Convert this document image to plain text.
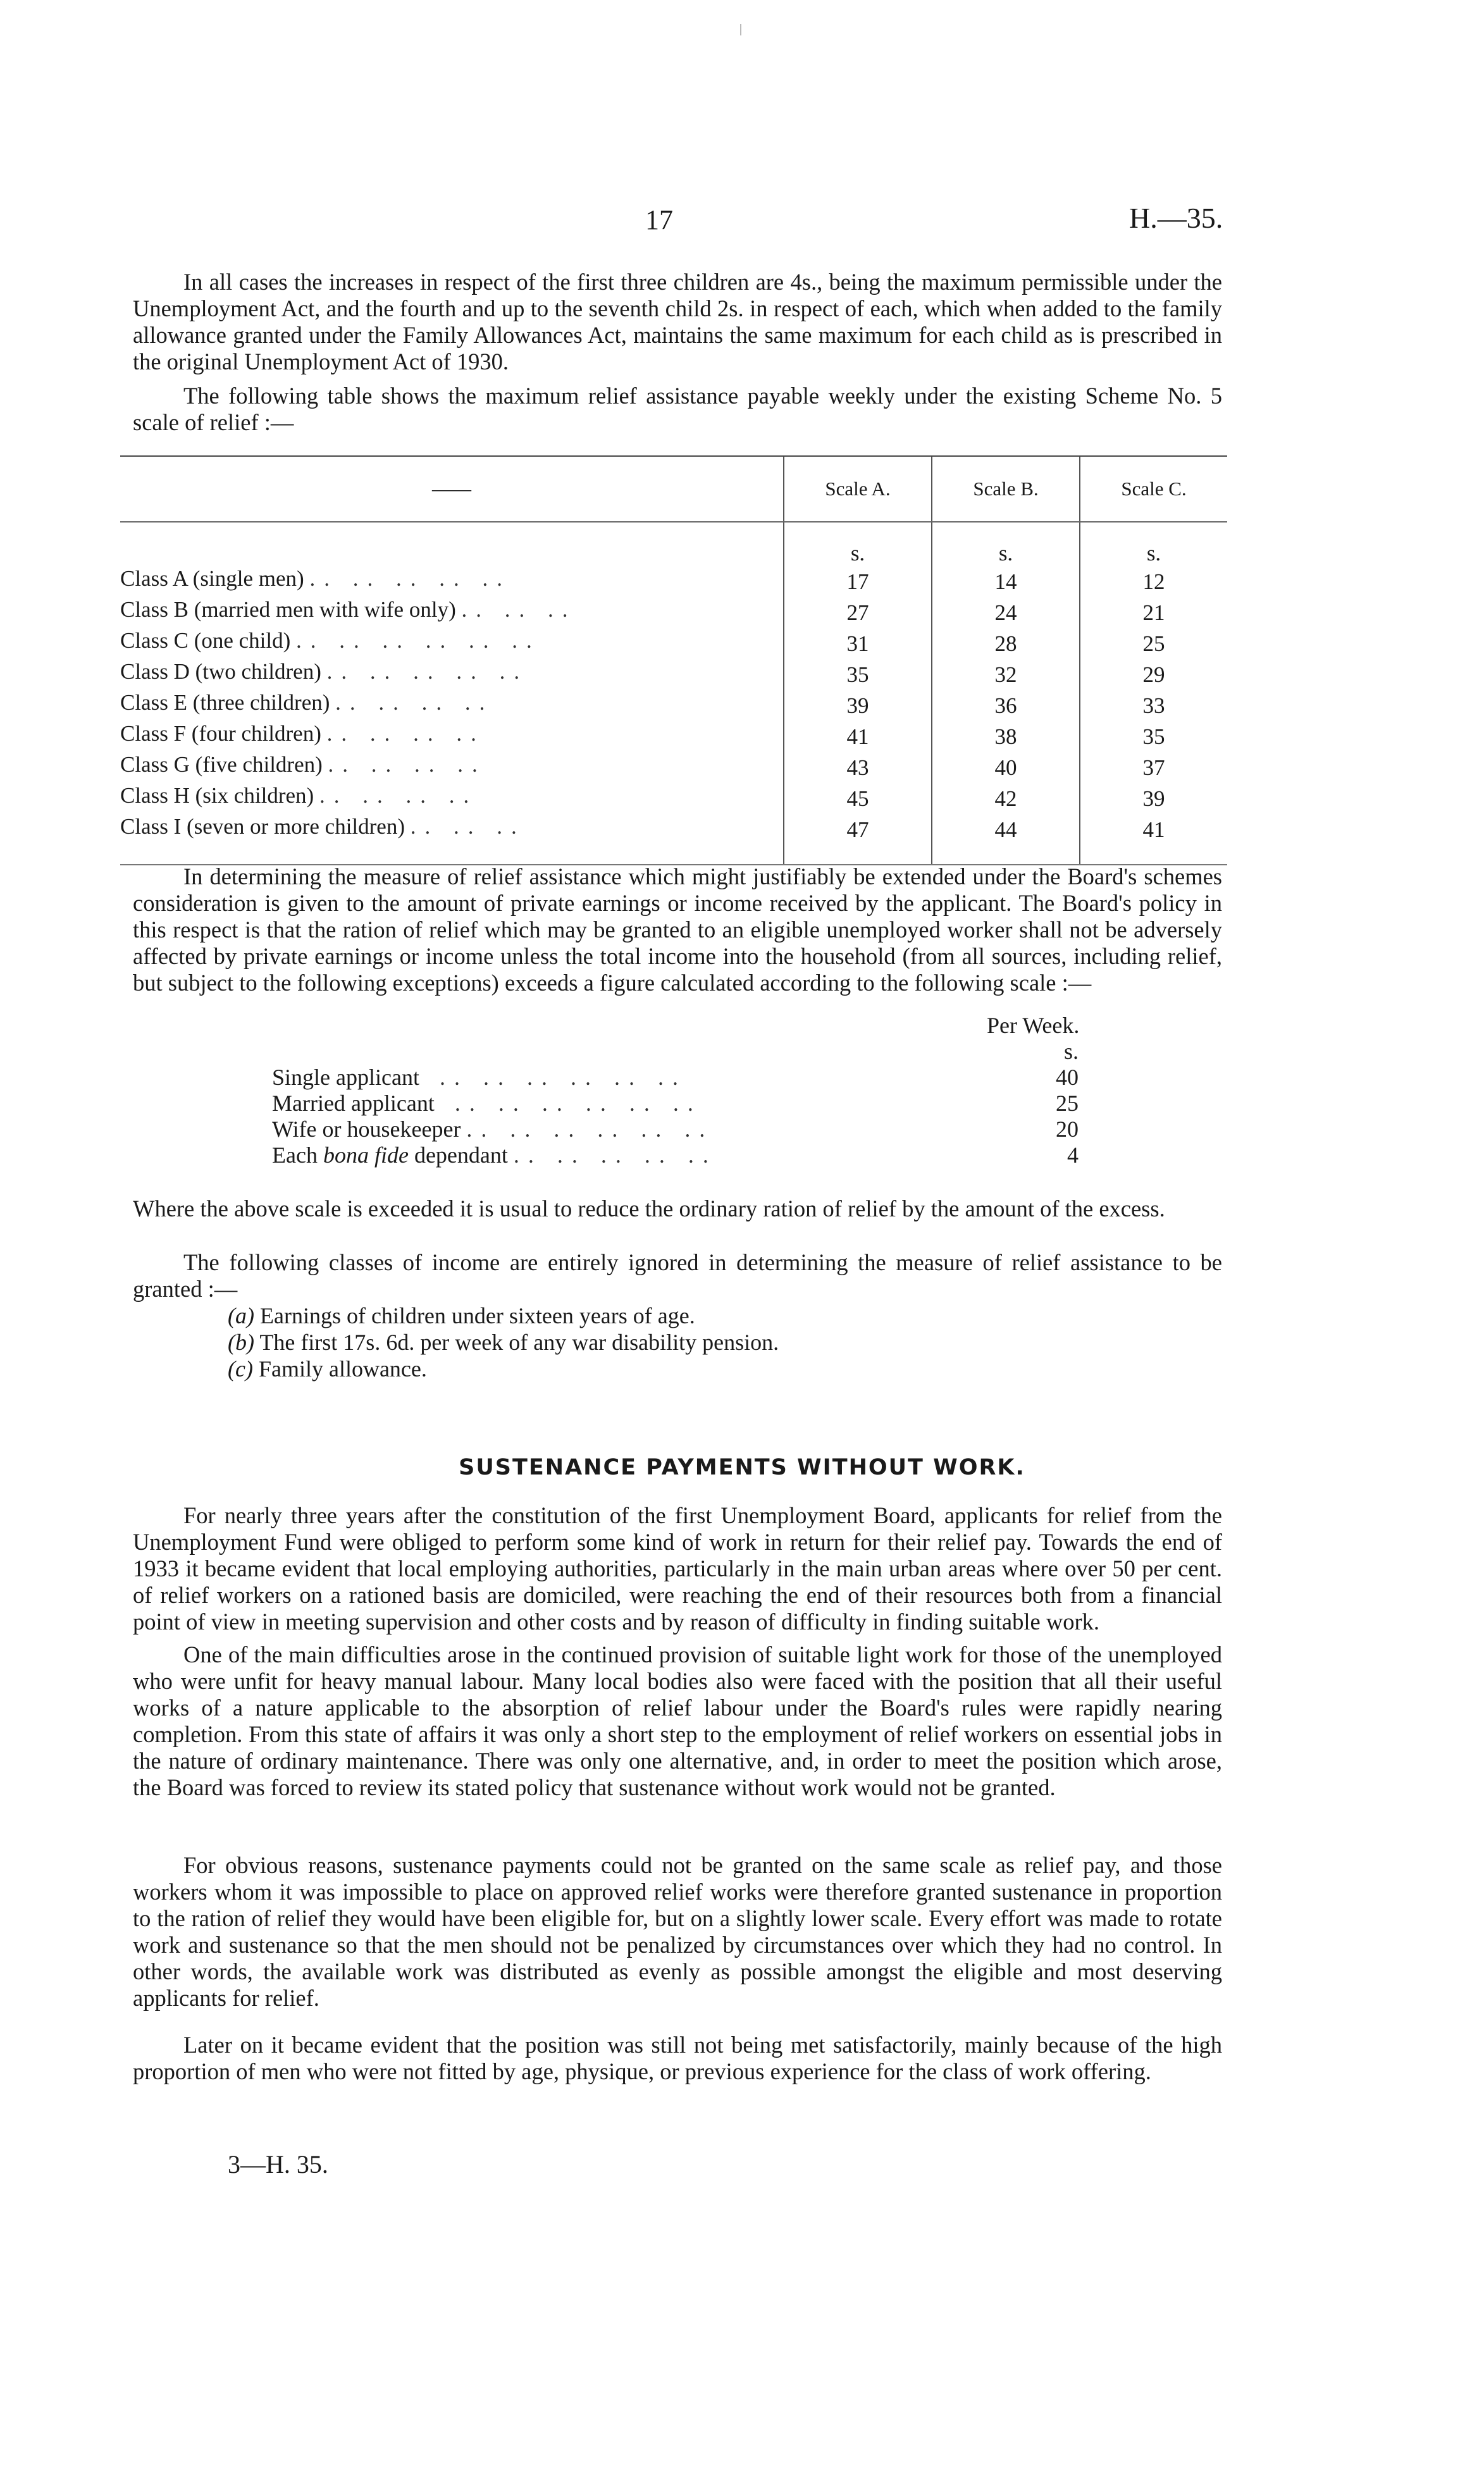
17	H.—35.
In all cases the increases in respect of the first three children are 4s., being the maximum permissible under the Unemployment Act, and the fourth and up to the seventh child 2s. in respect of each, which when added to the family allowance granted under the Family Allowances Act, maintains the same maximum for each child as is prescribed in the original Unemployment Act of 1930.
The following table shows the maximum relief assistance payable weekly under the existing Scheme No. 5 scale of relief :—
——	Scale A.	Scale B.	Scale C.
	s.	s.	s.
Class A (single men) .. .. .. .. ..	17	14	12
Class B (married men with wife only) .. .. ..	27	24	21
Class C (one child) .. .. .. .. .. ..	31	28	25
Class D (two children) .. .. .. .. ..	35	32	29
Class E (three children) .. .. .. ..	39	36	33
Class F (four children) .. .. .. ..	41	38	35
Class G (five children) .. .. .. ..	43	40	37
Class H (six children) .. .. .. ..	45	42	39
Class I (seven or more children) .. .. ..	47	44	41
In determining the measure of relief assistance which might justifiably be extended under the Board's schemes consideration is given to the amount of private earnings or income received by the applicant. The Board's policy in this respect is that the ration of relief which may be granted to an eligible unemployed worker shall not be adversely affected by private earnings or income unless the total income into the household (from all sources, including relief, but subject to the following exceptions) exceeds a figure calculated according to the following scale :—
Per Week.
s.
Single applicant  .. .. .. .. .. ..	40
Married applicant  .. .. .. .. .. ..	25
Wife or housekeeper .. .. .. .. .. ..	20
Each bona fide dependant .. .. .. .. ..	4
Where the above scale is exceeded it is usual to reduce the ordinary ration of relief by the amount of the excess.
The following classes of income are entirely ignored in determining the measure of relief assistance to be granted :—
(a) Earnings of children under sixteen years of age.
(b) The first 17s. 6d. per week of any war disability pension.
(c) Family allowance.
SUSTENANCE PAYMENTS WITHOUT WORK.
For nearly three years after the constitution of the first Unemployment Board, applicants for relief from the Unemployment Fund were obliged to perform some kind of work in return for their relief pay. Towards the end of 1933 it became evident that local employing authorities, particularly in the main urban areas where over 50 per cent. of relief workers on a rationed basis are domiciled, were reaching the end of their resources both from a financial point of view in meeting supervision and other costs and by reason of difficulty in finding suitable work.
One of the main difficulties arose in the continued provision of suitable light work for those of the unemployed who were unfit for heavy manual labour. Many local bodies also were faced with the position that all their useful works of a nature applicable to the absorption of relief labour under the Board's rules were rapidly nearing completion. From this state of affairs it was only a short step to the employment of relief workers on essential jobs in the nature of ordinary maintenance. There was only one alternative, and, in order to meet the position which arose, the Board was forced to review its stated policy that sustenance without work would not be granted.
For obvious reasons, sustenance payments could not be granted on the same scale as relief pay, and those workers whom it was impossible to place on approved relief works were therefore granted sustenance in proportion to the ration of relief they would have been eligible for, but on a slightly lower scale. Every effort was made to rotate work and sustenance so that the men should not be penalized by circumstances over which they had no control. In other words, the available work was distributed as evenly as possible amongst the eligible and most deserving applicants for relief.
Later on it became evident that the position was still not being met satisfactorily, mainly because of the high proportion of men who were not fitted by age, physique, or previous experience for the class of work offering.
3—H. 35.
